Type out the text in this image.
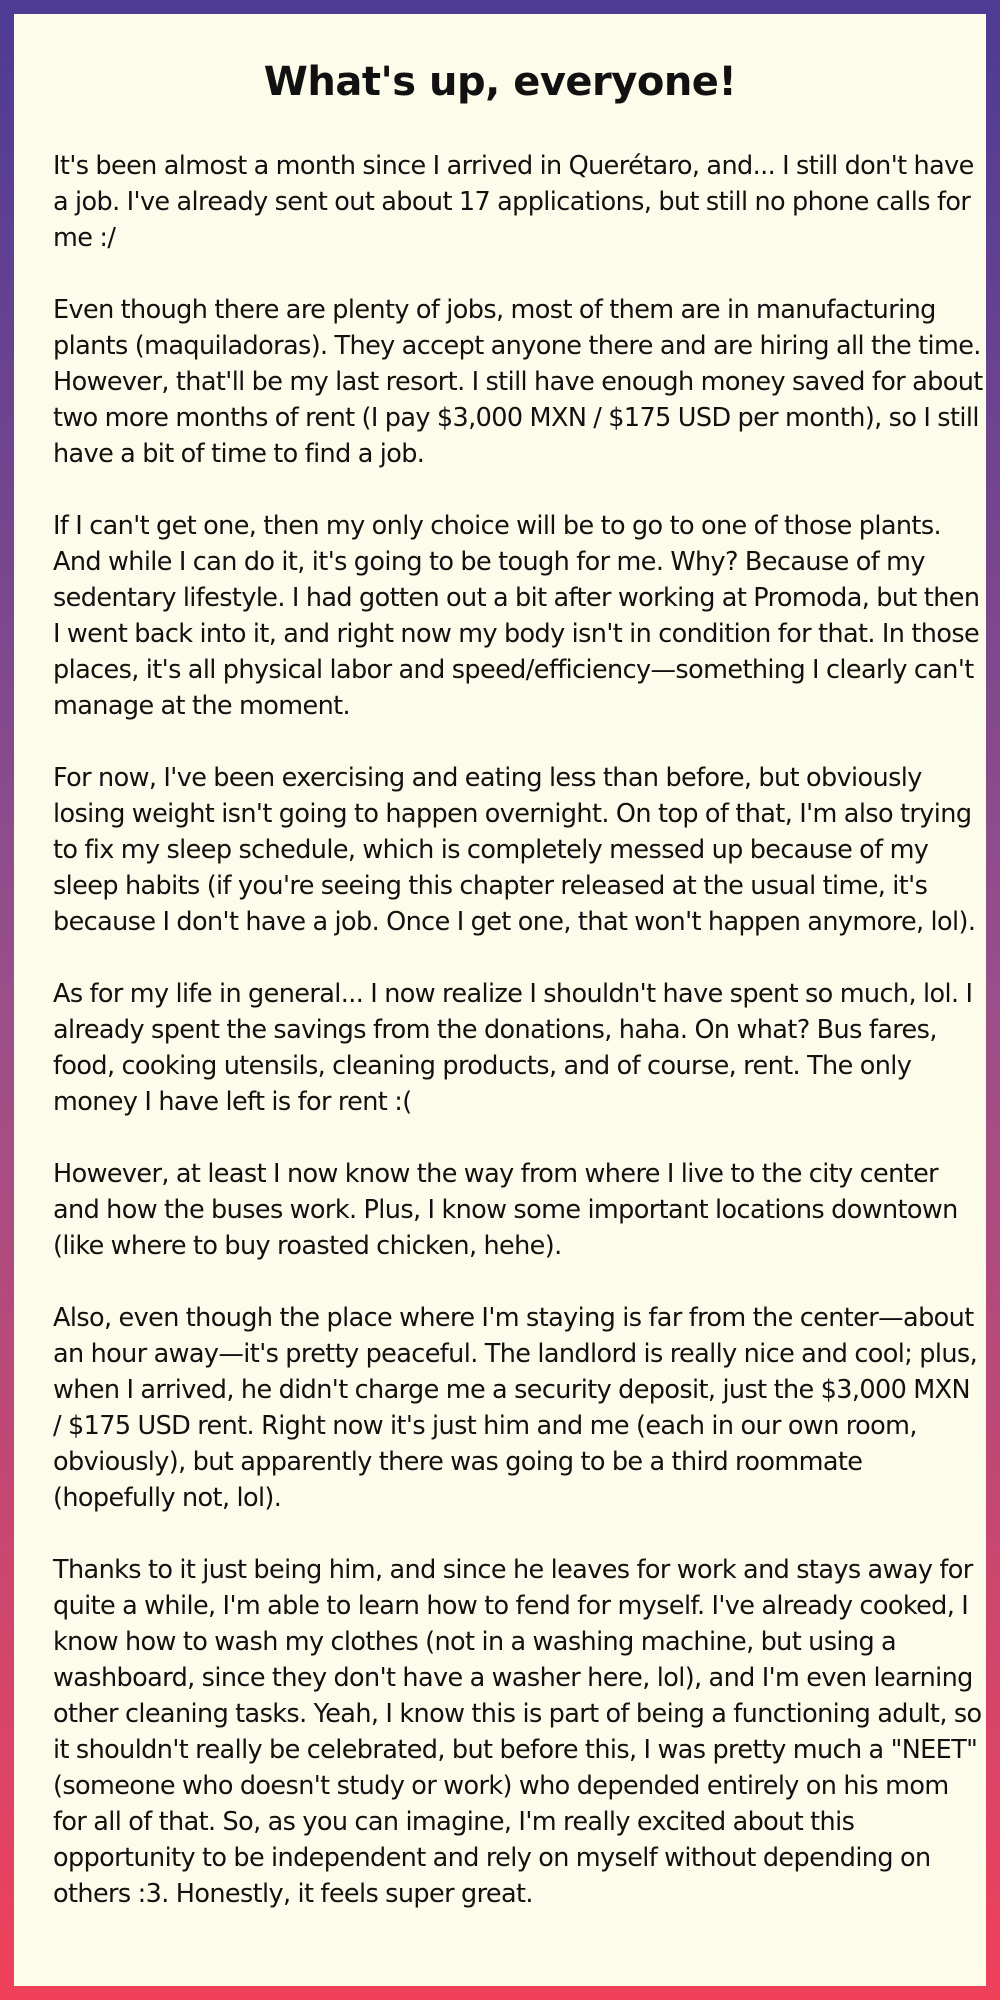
What's up, everyone!

It's been almost a month since I arrived in Querétaro, and... I still don't have a job. I've already sent out about 17 applications, but still no phone calls for me :/

Even though there are plenty of jobs, most of them are in manufacturing plants (maquiladoras). They accept anyone there and are hiring all the time. However, that'll be my last resort. I still have enough money saved for about two more months of rent (I pay $3,000 MXN / $175 USD per month), so I still have a bit of time to find a job.

If I can't get one, then my only choice will be to go to one of those plants. And while I can do it, it's going to be tough for me. Why? Because of my sedentary lifestyle. I had gotten out a bit after working at Promoda, but then I went back into it, and right now my body isn't in condition for that. In those places, it's all physical labor and speed/efficiency—something I clearly can't manage at the moment.

For now, I've been exercising and eating less than before, but obviously losing weight isn't going to happen overnight. On top of that, I'm also trying to fix my sleep schedule, which is completely messed up because of my sleep habits (if you're seeing this chapter released at the usual time, it's because I don't have a job. Once I get one, that won't happen anymore, lol).

As for my life in general... I now realize I shouldn't have spent so much, lol. I already spent the savings from the donations, haha. On what? Bus fares, food, cooking utensils, cleaning products, and of course, rent. The only money I have left is for rent :(

However, at least I now know the way from where I live to the city center and how the buses work. Plus, I know some important locations downtown (like where to buy roasted chicken, hehe).

Also, even though the place where I'm staying is far from the center—about an hour away—it's pretty peaceful. The landlord is really nice and cool; plus, when I arrived, he didn't charge me a security deposit, just the $3,000 MXN / $175 USD rent. Right now it's just him and me (each in our own room, obviously), but apparently there was going to be a third roommate (hopefully not, lol).

Thanks to it just being him, and since he leaves for work and stays away for quite a while, I'm able to learn how to fend for myself. I've already cooked, I know how to wash my clothes (not in a washing machine, but using a washboard, since they don't have a washer here, lol), and I'm even learning other cleaning tasks. Yeah, I know this is part of being a functioning adult, so it shouldn't really be celebrated, but before this, I was pretty much a "NEET" (someone who doesn't study or work) who depended entirely on his mom for all of that. So, as you can imagine, I'm really excited about this opportunity to be independent and rely on myself without depending on others :3. Honestly, it feels super great.
